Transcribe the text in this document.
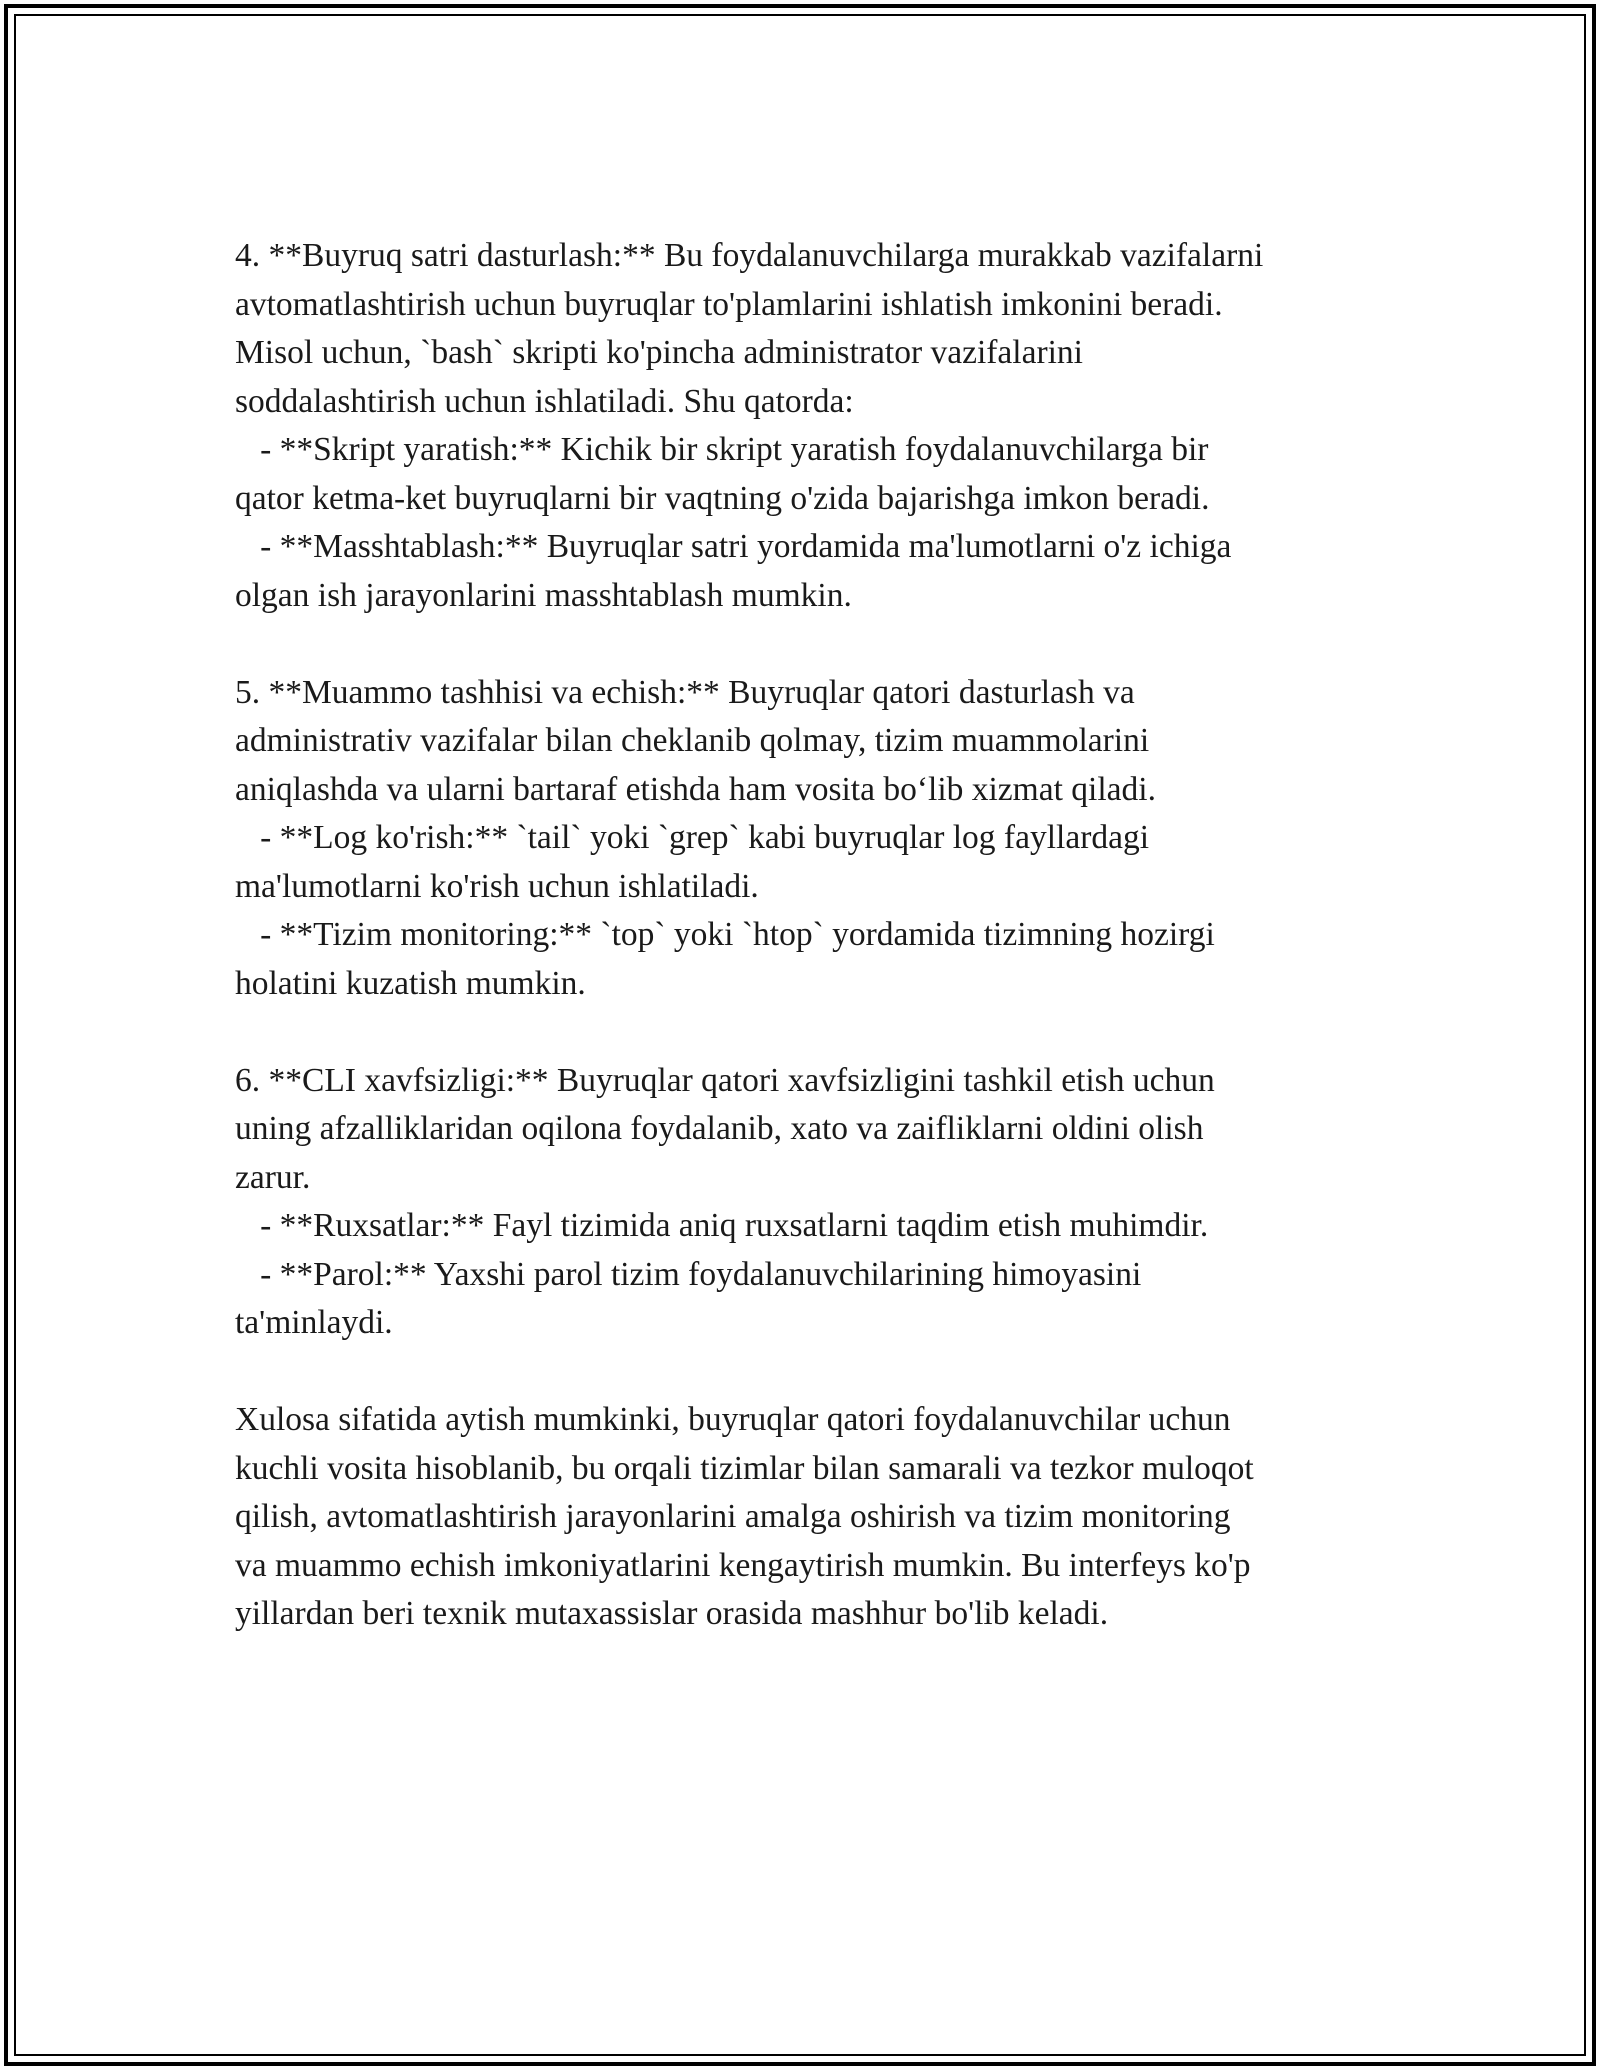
4. **Buyruq satri dasturlash:** Bu foydalanuvchilarga murakkab vazifalarni
avtomatlashtirish uchun buyruqlar to'plamlarini ishlatish imkonini beradi.
Misol uchun, `bash` skripti ko'pincha administrator vazifalarini
soddalashtirish uchun ishlatiladi. Shu qatorda:
- **Skript yaratish:** Kichik bir skript yaratish foydalanuvchilarga bir
qator ketma-ket buyruqlarni bir vaqtning o'zida bajarishga imkon beradi.
- **Masshtablash:** Buyruqlar satri yordamida ma'lumotlarni o'z ichiga
olgan ish jarayonlarini masshtablash mumkin.

5. **Muammo tashhisi va echish:** Buyruqlar qatori dasturlash va
administrativ vazifalar bilan cheklanib qolmay, tizim muammolarini
aniqlashda va ularni bartaraf etishda ham vosita bo‘lib xizmat qiladi.
- **Log ko'rish:** `tail` yoki `grep` kabi buyruqlar log fayllardagi
ma'lumotlarni ko'rish uchun ishlatiladi.
- **Tizim monitoring:** `top` yoki `htop` yordamida tizimning hozirgi
holatini kuzatish mumkin.

6. **CLI xavfsizligi:** Buyruqlar qatori xavfsizligini tashkil etish uchun
uning afzalliklaridan oqilona foydalanib, xato va zaifliklarni oldini olish
zarur.
- **Ruxsatlar:** Fayl tizimida aniq ruxsatlarni taqdim etish muhimdir.
- **Parol:** Yaxshi parol tizim foydalanuvchilarining himoyasini
ta'minlaydi.

Xulosa sifatida aytish mumkinki, buyruqlar qatori foydalanuvchilar uchun
kuchli vosita hisoblanib, bu orqali tizimlar bilan samarali va tezkor muloqot
qilish, avtomatlashtirish jarayonlarini amalga oshirish va tizim monitoring
va muammo echish imkoniyatlarini kengaytirish mumkin. Bu interfeys ko'p
yillardan beri texnik mutaxassislar orasida mashhur bo'lib keladi.
